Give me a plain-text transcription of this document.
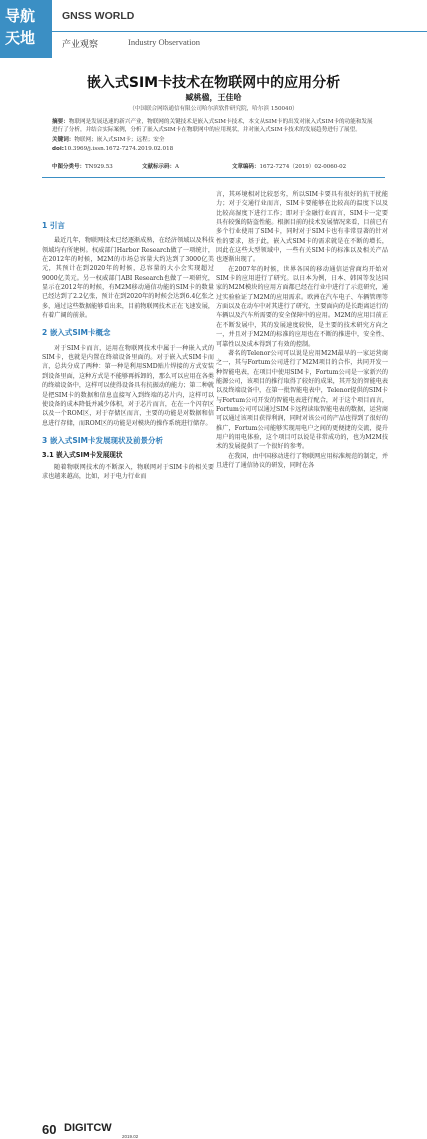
导航
天地
GNSS WORLD
产业观察	Industry Observation
嵌入式SIM卡技术在物联网中的应用分析
臧桃楹，王佳哈
（中国联合网络通信有限公司哈尔滨软件研究院，哈尔滨 150040）
摘要：物联网是发展迅速的新兴产业，物联网的关键技术是嵌入式SIM卡技术，本文从SIM卡的出发对嵌入式SIM卡的功能和发展进行了分析，并结合实际案例，分析了嵌入式SIM卡在物联网中的应用现状，并对嵌入式SIM卡技术的发展趋势进行了展望。
关键词：物联网；嵌入式SIM卡；远程；安全
doi:10.3969/j.issn.1672-7274.2019.02.018
中图分类号：TN929.53	文献标示码：A	文章编码：1672-7274（2019）02-0060-02
1 引言

最近几年，物联网技术已经逐渐成熟，在经济领域以及科技领域均有所建树。权威部门Harbor Research做了一项统计，在2012年的时候，M2M的市场总容量大约达到了3000亿美元，其预计在到2020年的时候，总容量的大小会实现超过9000亿美元。另一权威部门ABI Research也做了一项研究，显示在2012年的时候，有M2M移动通信功能的SIM卡的数量已经达到了2.2亿张，预计在到2020年的时候会达到6.4亿张之多，通过这些数据能够看出来，目前物联网技术正在飞速发展，有着广阔的前景。

2 嵌入式SIM卡概念

对于SIM卡而言，运用在物联网技术中属于一种嵌入式的SIM卡，也就是内置在终端设备里面的。对于嵌入式SIM卡而言，总共分成了两种：第一种是利用SMD贴片焊接的方式安装到设备里面，这种方式是不能够再拆卸的，那么可以应用在各类的终端设备中，这样可以使得设备具有抗振动的能力；第二种就是把SIM卡的数据和信息直接写入到终端的芯片内，这样可以使设备的成本降低并减少体积，对于芯片而言，在在一个闪存区以及一个ROM区，对于存储区而言，主要的功能是对数据和信息进行存储，而ROM区的功能是对模块的操作系统进行储存。

3 嵌入式SIM卡发展现状及前景分析
3.1 嵌入式SIM卡发展现状

随着物联网技术的不断深入，物联网对于SIM卡的相关要求也越来越高，比如，对于电力行业而

言，其环境相对比较恶劣，所以SIM卡要具有很好的抗干扰能力；对于交通行业而言，SIM卡要能够在比较高的温度下以及比较高湿度下进行工作；即对于金融行业而言，SIM卡一定要具有较强的防盗性能。根据目前的技术发展情况来看，目前已有多个行业使用了SIM卡，同时对于SIM卡也有非常显著的针对性的要求，基于此，嵌入式SIM卡的需求就是在不断的增长，因此在这些大型领域中，一些有关SIM卡的标准以及相关产品也逐渐出现了。

在2007年的时候，世界各国的移动通信运营商均开始对SIM卡的应用进行了研究。以日本为例，日本、韩国等发达国家的M2M模块的应用方面都已经在行业中进行了示范研究，通过实验验证了M2M的应用需求。欧洲在汽车电子、车辆管理等方面以及在动车中对其进行了研究，主要面向的是长距离运行的车辆以及汽车所需要的安全保障中的应用。M2M的应用目前正在不断发展中，其的发展速度较快，是主要的技术研究方向之一，并且对于M2M的标准的应用也在不断的推进中，安全性、可靠性以及成本得到了有效的控制。

著名的Telenor公司可以说是应用M2M最早的一家运营商之一，其与Fortum公司进行了M2M项目的合作，共同开发一种智能电表，在项目中使用SIM卡，Fortum公司是一家新兴的能源公司，该项目的推行取得了较好的成果，其开发的智能电表以及终端设备中，在第一批智能电表中，Telenor提供的SIM卡与Fortum公司开发的智能电表进行配合，对于这个项目而言，Fortum公司可以通过SIM卡远程读取智能电表的数据，运营商可以通过该项目获得利润，同时对该公司的产品也得到了很好的推广，Fortum公司能够实现用电户之间的更便捷的交流，提升用户的用电体验，这个项目可以说是非常成功的，也为M2M技术的发展提供了一个很好的参考。

在我国，由中国移动进行了物联网应用标准规范的制定，并且进行了通信协议的研发，同时在各

60 DIGITCW
2019.02
